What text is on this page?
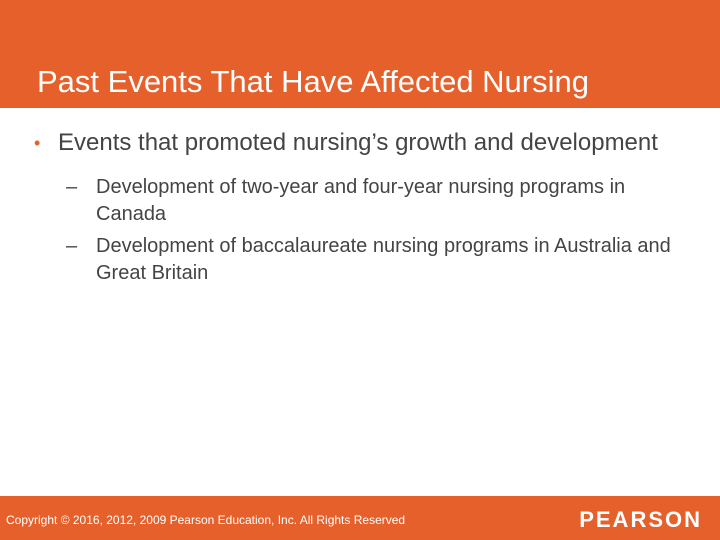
Past Events That Have Affected Nursing
• Events that promoted nursing’s growth and development
– Development of two-year and four-year nursing programs in Canada
– Development of baccalaureate nursing programs in Australia and Great Britain
Copyright © 2016, 2012, 2009 Pearson Education, Inc. All Rights Reserved	PEARSON
